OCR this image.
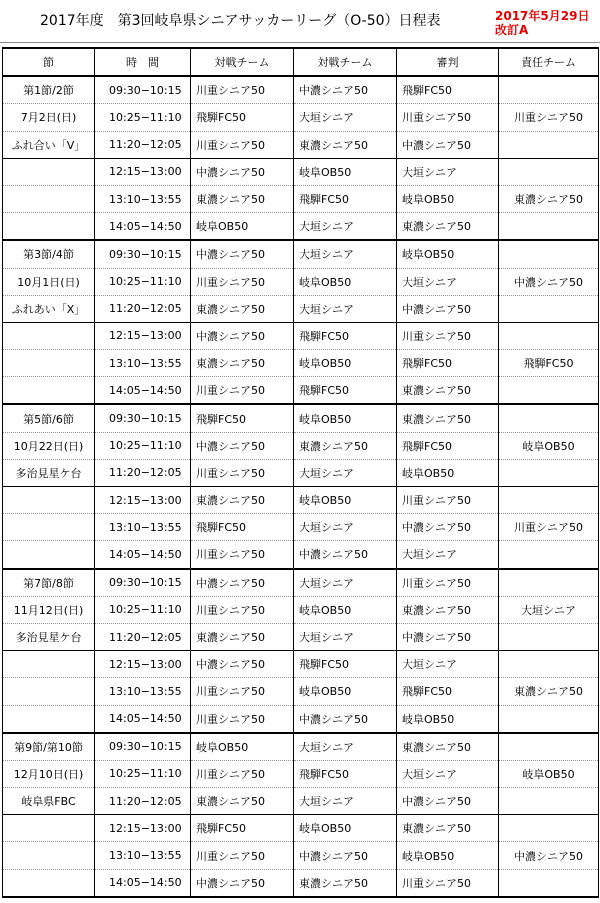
2017年度　第3回岐阜県シニアサッカーリーグ（O-50）日程表	2017年5月29日
改訂A
節	時　間	対戦チーム	対戦チーム	審判	責任チーム
第1節/2節	09:30−10:15	川重シニア50	中濃シニア50	飛騨FC50	
7月2日(日)	10:25−11:10	飛騨FC50	大垣シニア	川重シニア50	川重シニア50
ふれ合い「V」	11:20−12:05	川重シニア50	東濃シニア50	中濃シニア50	
	12:15−13:00	中濃シニア50	岐阜OB50	大垣シニア	
	13:10−13:55	東濃シニア50	飛騨FC50	岐阜OB50	東濃シニア50
	14:05−14:50	岐阜OB50	大垣シニア	東濃シニア50	
第3節/4節	09:30−10:15	中濃シニア50	大垣シニア	岐阜OB50	
10月1日(日)	10:25−11:10	川重シニア50	岐阜OB50	大垣シニア	中濃シニア50
ふれあい「X」	11:20−12:05	東濃シニア50	大垣シニア	中濃シニア50	
	12:15−13:00	中濃シニア50	飛騨FC50	川重シニア50	
	13:10−13:55	東濃シニア50	岐阜OB50	飛騨FC50	飛騨FC50
	14:05−14:50	川重シニア50	飛騨FC50	東濃シニア50	
第5節/6節	09:30−10:15	飛騨FC50	岐阜OB50	東濃シニア50	
10月22日(日)	10:25−11:10	中濃シニア50	東濃シニア50	飛騨FC50	岐阜OB50
多治見星ケ台	11:20−12:05	川重シニア50	大垣シニア	岐阜OB50	
	12:15−13:00	東濃シニア50	岐阜OB50	川重シニア50	
	13:10−13:55	飛騨FC50	大垣シニア	中濃シニア50	川重シニア50
	14:05−14:50	川重シニア50	中濃シニア50	大垣シニア	
第7節/8節	09:30−10:15	中濃シニア50	大垣シニア	川重シニア50	
11月12日(日)	10:25−11:10	川重シニア50	岐阜OB50	東濃シニア50	大垣シニア
多治見星ケ台	11:20−12:05	東濃シニア50	大垣シニア	中濃シニア50	
	12:15−13:00	中濃シニア50	飛騨FC50	大垣シニア	
	13:10−13:55	川重シニア50	岐阜OB50	飛騨FC50	東濃シニア50
	14:05−14:50	川重シニア50	中濃シニア50	岐阜OB50	
第9節/第10節	09:30−10:15	岐阜OB50	大垣シニア	東濃シニア50	
12月10日(日)	10:25−11:10	川重シニア50	飛騨FC50	大垣シニア	岐阜OB50
岐阜県FBC	11:20−12:05	東濃シニア50	大垣シニア	中濃シニア50	
	12:15−13:00	飛騨FC50	岐阜OB50	東濃シニア50	
	13:10−13:55	川重シニア50	中濃シニア50	岐阜OB50	中濃シニア50
	14:05−14:50	中濃シニア50	東濃シニア50	川重シニア50	
